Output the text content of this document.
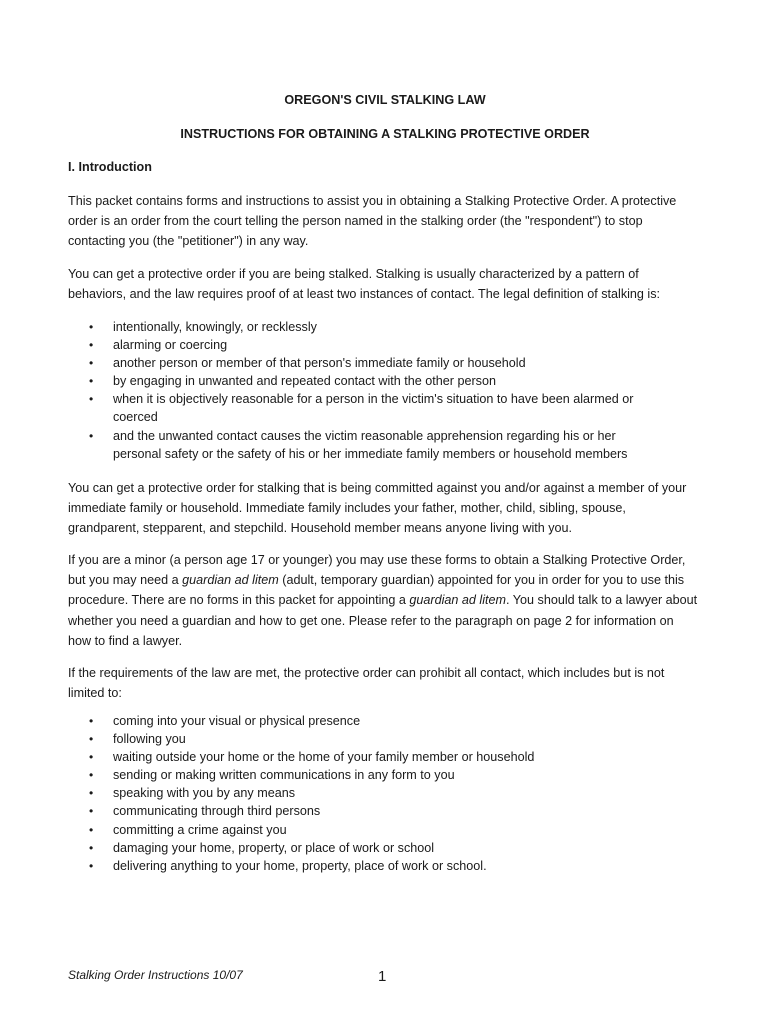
OREGON'S CIVIL STALKING LAW
INSTRUCTIONS FOR OBTAINING A STALKING PROTECTIVE ORDER
I. Introduction

This packet contains forms and instructions to assist you in obtaining a Stalking Protective Order. A protective order is an order from the court telling the person named in the stalking order (the "respondent") to stop contacting you (the "petitioner") in any way.

You can get a protective order if you are being stalked. Stalking is usually characterized by a pattern of behaviors, and the law requires proof of at least two instances of contact. The legal definition of stalking is:

• intentionally, knowingly, or recklessly
• alarming or coercing
• another person or member of that person's immediate family or household
• by engaging in unwanted and repeated contact with the other person
• when it is objectively reasonable for a person in the victim's situation to have been alarmed or coerced
• and the unwanted contact causes the victim reasonable apprehension regarding his or her personal safety or the safety of his or her immediate family members or household members

You can get a protective order for stalking that is being committed against you and/or against a member of your immediate family or household. Immediate family includes your father, mother, child, sibling, spouse, grandparent, stepparent, and stepchild. Household member means anyone living with you.

If you are a minor (a person age 17 or younger) you may use these forms to obtain a Stalking Protective Order, but you may need a guardian ad litem (adult, temporary guardian) appointed for you in order for you to use this procedure. There are no forms in this packet for appointing a guardian ad litem. You should talk to a lawyer about whether you need a guardian and how to get one. Please refer to the paragraph on page 2 for information on how to find a lawyer.

If the requirements of the law are met, the protective order can prohibit all contact, which includes but is not limited to:

• coming into your visual or physical presence
• following you
• waiting outside your home or the home of your family member or household
• sending or making written communications in any form to you
• speaking with you by any means
• communicating through third persons
• committing a crime against you
• damaging your home, property, or place of work or school
• delivering anything to your home, property, place of work or school.
Stalking Order Instructions 10/07	1
